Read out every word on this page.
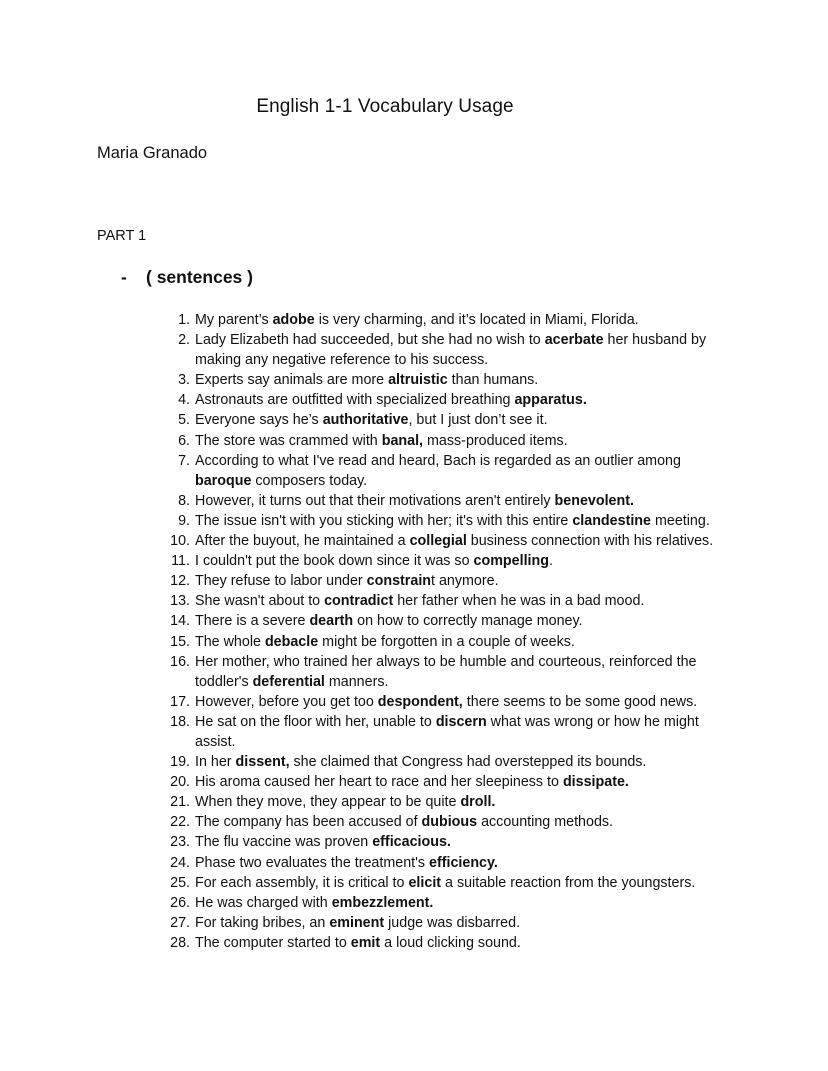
English 1-1 Vocabulary Usage
Maria Granado
PART 1
- ( sentences )
1. My parent’s adobe is very charming, and it’s located in Miami, Florida.
2. Lady Elizabeth had succeeded, but she had no wish to acerbate her husband by making any negative reference to his success.
3. Experts say animals are more altruistic than humans.
4. Astronauts are outfitted with specialized breathing apparatus.
5. Everyone says he’s authoritative, but I just don’t see it.
6. The store was crammed with banal, mass-produced items.
7. According to what I've read and heard, Bach is regarded as an outlier among baroque composers today.
8. However, it turns out that their motivations aren't entirely benevolent.
9. The issue isn't with you sticking with her; it's with this entire clandestine meeting.
10. After the buyout, he maintained a collegial business connection with his relatives.
11. I couldn't put the book down since it was so compelling.
12. They refuse to labor under constraint anymore.
13. She wasn't about to contradict her father when he was in a bad mood.
14. There is a severe dearth on how to correctly manage money.
15. The whole debacle might be forgotten in a couple of weeks.
16. Her mother, who trained her always to be humble and courteous, reinforced the toddler's deferential manners.
17. However, before you get too despondent, there seems to be some good news.
18. He sat on the floor with her, unable to discern what was wrong or how he might assist.
19. In her dissent, she claimed that Congress had overstepped its bounds.
20. His aroma caused her heart to race and her sleepiness to dissipate.
21. When they move, they appear to be quite droll.
22. The company has been accused of dubious accounting methods.
23. The flu vaccine was proven efficacious.
24. Phase two evaluates the treatment's efficiency.
25. For each assembly, it is critical to elicit a suitable reaction from the youngsters.
26. He was charged with embezzlement.
27. For taking bribes, an eminent judge was disbarred.
28. The computer started to emit a loud clicking sound.
